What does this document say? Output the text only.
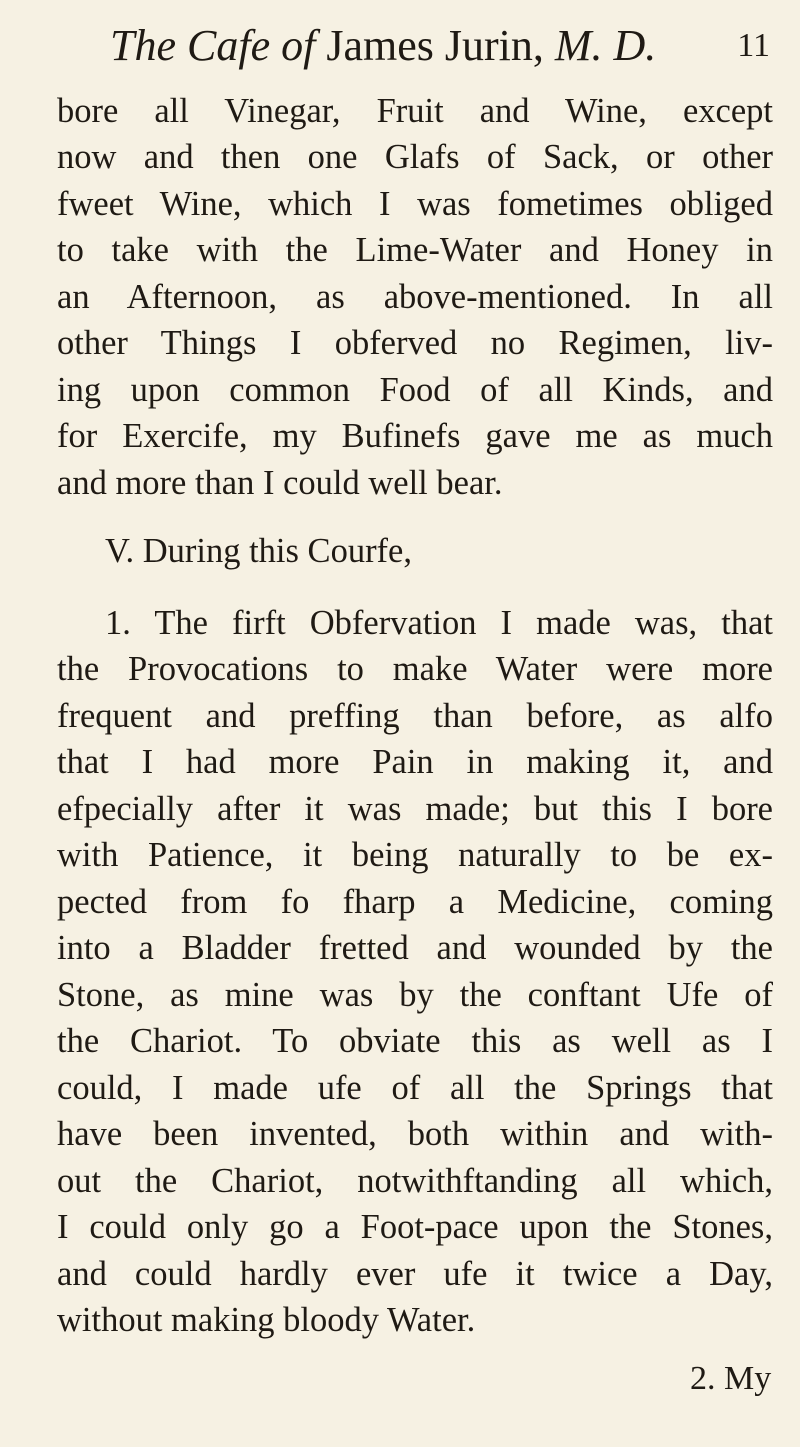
The Cafe of James Jurin, M. D. 11
bore all Vinegar, Fruit and Wine, except
now and then one Glafs of Sack, or other
fweet Wine, which I was fometimes obliged
to take with the Lime-Water and Honey in
an Afternoon, as above-mentioned. In all
other Things I obferved no Regimen, liv-
ing upon common Food of all Kinds, and
for Exercife, my Bufinefs gave me as much
and more than I could well bear.
V. During this Courfe,
1. The firft Obfervation I made was, that
the Provocations to make Water were more
frequent and preffing than before, as alfo
that I had more Pain in making it, and
efpecially after it was made; but this I bore
with Patience, it being naturally to be ex-
pected from fo fharp a Medicine, coming
into a Bladder fretted and wounded by the
Stone, as mine was by the conftant Ufe of
the Chariot. To obviate this as well as I
could, I made ufe of all the Springs that
have been invented, both within and with-
out the Chariot, notwithftanding all which,
I could only go a Foot-pace upon the Stones,
and could hardly ever ufe it twice a Day,
without making bloody Water.
2. My
